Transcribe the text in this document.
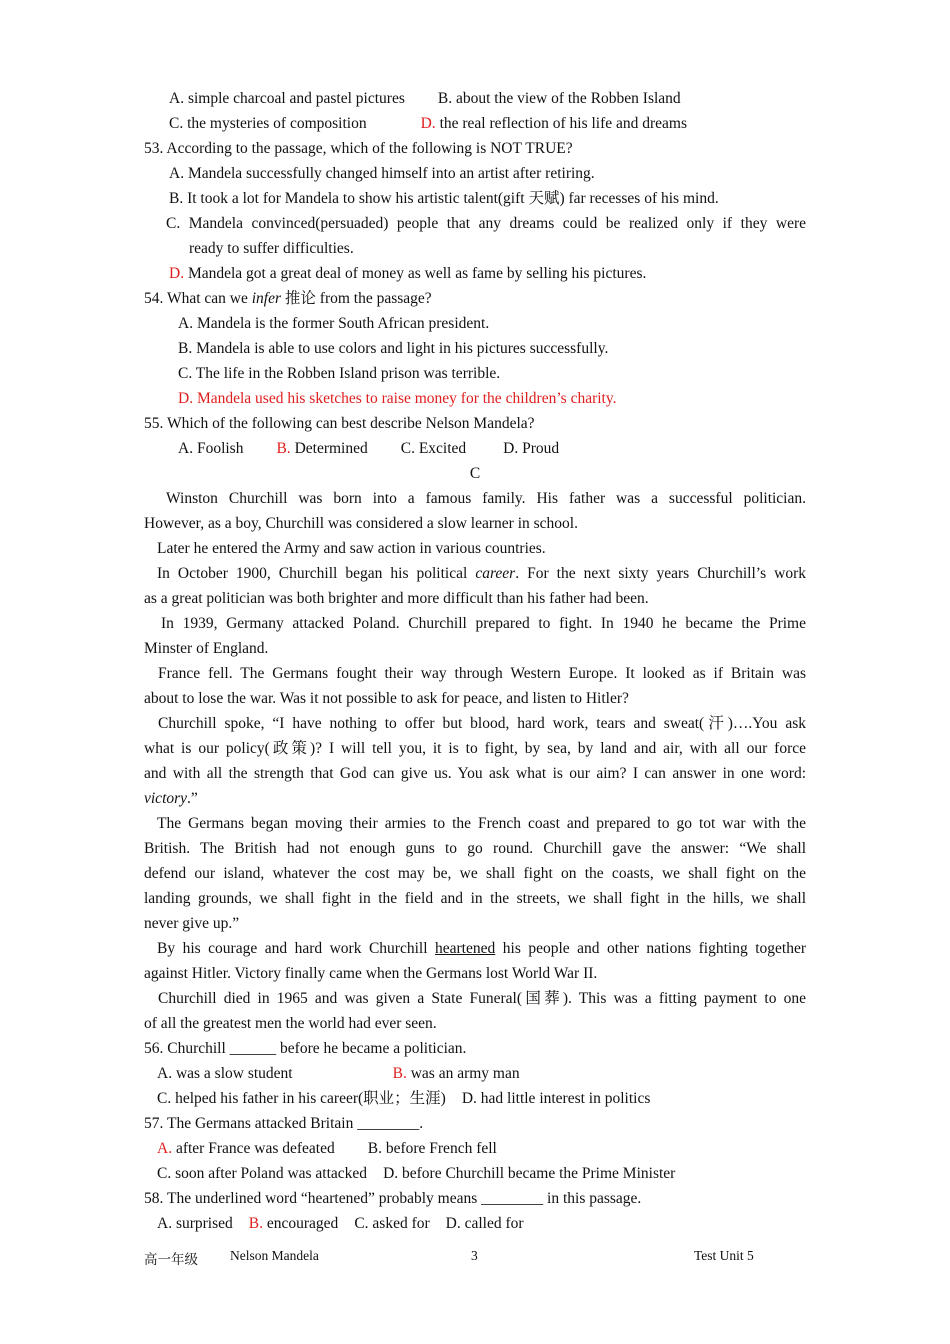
A. simple charcoal and pastel pictures B. about the view of the Robben Island
C. the mysteries of composition	D. the real reflection of his life and dreams
53. According to the passage, which of the following is NOT TRUE?
A. Mandela successfully changed himself into an artist after retiring.
B. It took a lot for Mandela to show his artistic talent(gift 天赋) far recesses of his mind.
C. Mandela convinced(persuaded) people that any dreams could be realized only if they were
ready to suffer difficulties.
D. Mandela got a great deal of money as well as fame by selling his pictures.
54. What can we infer 推论 from the passage?
A. Mandela is the former South African president.
B. Mandela is able to use colors and light in his pictures successfully.
C. The life in the Robben Island prison was terrible.
D. Mandela used his sketches to raise money for the children’s charity.
55. Which of the following can best describe Nelson Mandela?
A. Foolish B. Determined C. Excited D. Proud
C
Winston Churchill was born into a famous family. His father was a successful politician.
However, as a boy, Churchill was considered a slow learner in school.
Later he entered the Army and saw action in various countries.
In October 1900, Churchill began his political career. For the next sixty years Churchill’s work
as a great politician was both brighter and more difficult than his father had been.
In 1939, Germany attacked Poland. Churchill prepared to fight. In 1940 he became the Prime
Minster of England.
France fell. The Germans fought their way through Western Europe. It looked as if Britain was
about to lose the war. Was it not possible to ask for peace, and listen to Hitler?
Churchill spoke, “I have nothing to offer but blood, hard work, tears and sweat(汗)….You ask
what is our policy(政策)? I will tell you, it is to fight, by sea, by land and air, with all our force
and with all the strength that God can give us. You ask what is our aim? I can answer in one word:
victory.”
The Germans began moving their armies to the French coast and prepared to go tot war with the
British. The British had not enough guns to go round. Churchill gave the answer: “We shall
defend our island, whatever the cost may be, we shall fight on the coasts, we shall fight on the
landing grounds, we shall fight in the field and in the streets, we shall fight in the hills, we shall
never give up.”
By his courage and hard work Churchill heartened his people and other nations fighting together
against Hitler. Victory finally came when the Germans lost World War II.
Churchill died in 1965 and was given a State Funeral(国葬). This was a fitting payment to one
of all the greatest men the world had ever seen.
56. Churchill ______ before he became a politician.
A. was a slow student	B. was an army man
C. helped his father in his career(职业；生涯) D. had little interest in politics
57. The Germans attacked Britain ________.
A. after France was defeated B. before French fell
C. soon after Poland was attacked D. before Churchill became the Prime Minister
58. The underlined word “heartened” probably means ________ in this passage.
A. surprised B. encouraged C. asked for D. called for
高一年级 Nelson Mandela	3	Test Unit 5
